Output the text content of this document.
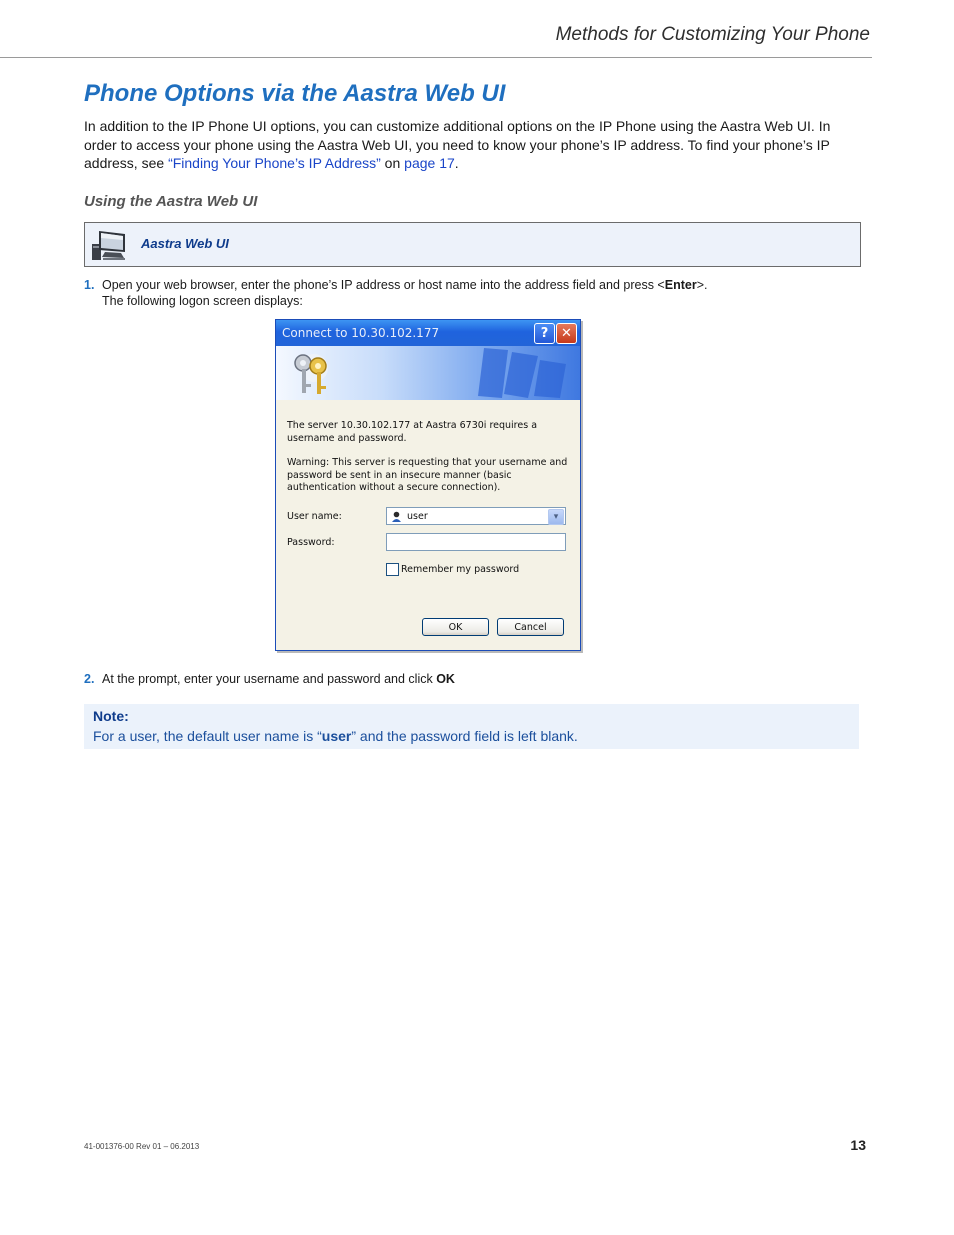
Methods for Customizing Your Phone
Phone Options via the Aastra Web UI

In addition to the IP Phone UI options, you can customize additional options on the IP Phone using the Aastra Web UI. In order to access your phone using the Aastra Web UI, you need to know your phone’s IP address. To find your phone’s IP address, see “Finding Your Phone’s IP Address” on page 17.

Using the Aastra Web UI
Aastra Web UI
1. Open your web browser, enter the phone’s IP address or host name into the address field and press <Enter>.
The following logon screen displays:
Connect to 10.30.102.177	? ✕
The server 10.30.102.177 at Aastra 6730i requires a username and password.
Warning: This server is requesting that your username and password be sent in an insecure manner (basic authentication without a secure connection).
User name:	user	▾
Password:
Remember my password
OK	Cancel
2. At the prompt, enter your username and password and click OK
Note:
For a user, the default user name is “user” and the password field is left blank.
41-001376-00 Rev 01 – 06.2013	13
